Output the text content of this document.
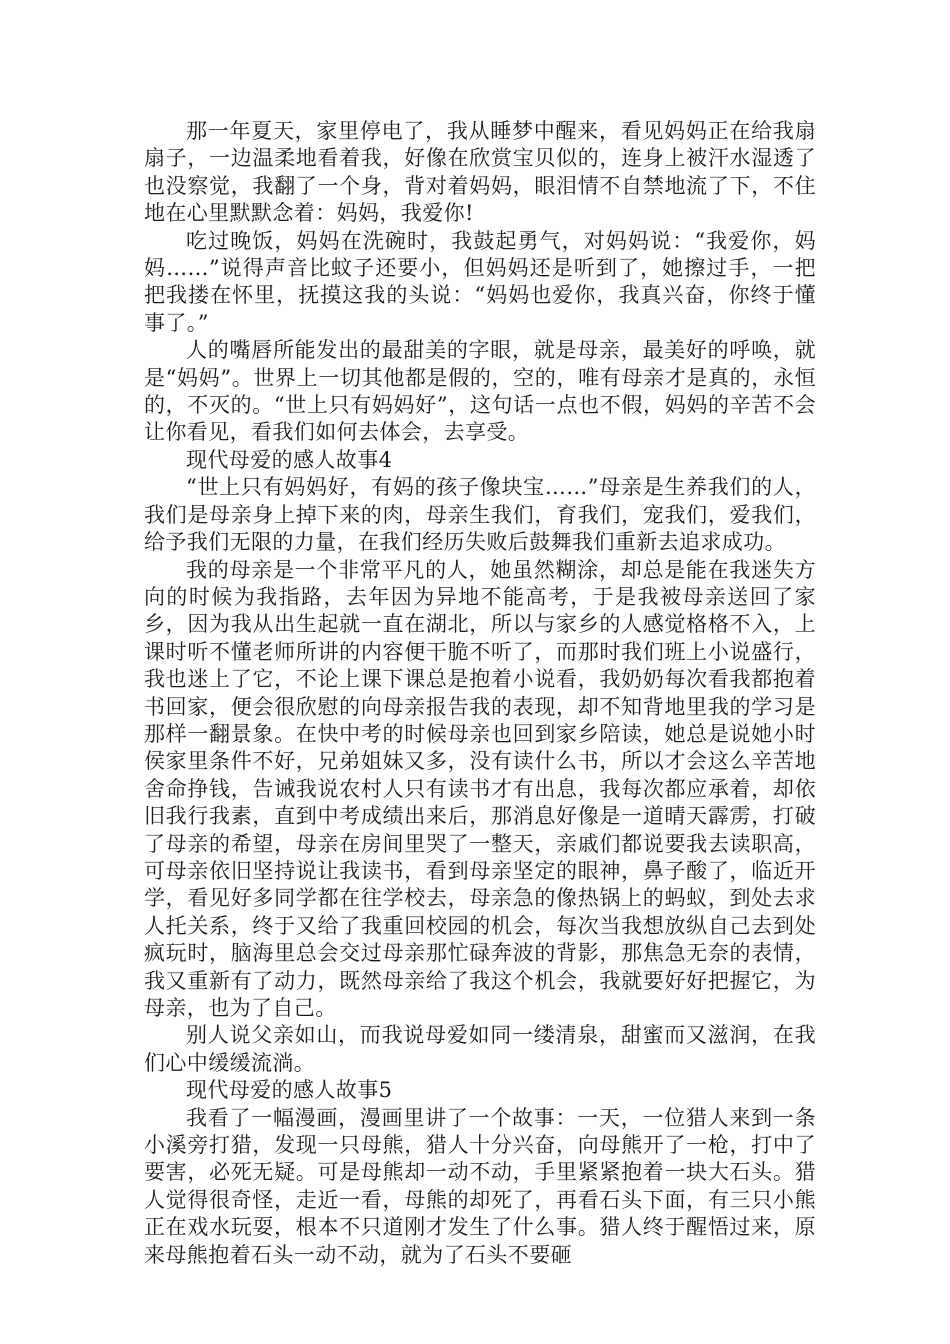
那一年夏天，家里停电了，我从睡梦中醒来，看见妈妈正在给我扇扇子，一边温柔地看着我，好像在欣赏宝贝似的，连身上被汗水湿透了也没察觉，我翻了一个身，背对着妈妈，眼泪情不自禁地流了下，不住地在心里默默念着：妈妈，我爱你!

吃过晚饭，妈妈在洗碗时，我鼓起勇气，对妈妈说：“我爱你，妈妈……”说得声音比蚊子还要小，但妈妈还是听到了，她擦过手，一把把我搂在怀里，抚摸这我的头说：“妈妈也爱你，我真兴奋，你终于懂事了。”

人的嘴唇所能发出的最甜美的字眼，就是母亲，最美好的呼唤，就是“妈妈”。世界上一切其他都是假的，空的，唯有母亲才是真的，永恒的，不灭的。“世上只有妈妈好”，这句话一点也不假，妈妈的辛苦不会让你看见，看我们如何去体会，去享受。

现代母爱的感人故事4

“世上只有妈妈好，有妈的孩子像块宝……”母亲是生养我们的人，我们是母亲身上掉下来的肉，母亲生我们，育我们，宠我们，爱我们，给予我们无限的力量，在我们经历失败后鼓舞我们重新去追求成功。

我的母亲是一个非常平凡的人，她虽然糊涂，却总是能在我迷失方向的时候为我指路，去年因为异地不能高考，于是我被母亲送回了家乡，因为我从出生起就一直在湖北，所以与家乡的人感觉格格不入，上课时听不懂老师所讲的内容便干脆不听了，而那时我们班上小说盛行，我也迷上了它，不论上课下课总是抱着小说看，我奶奶每次看我都抱着书回家，便会很欣慰的向母亲报告我的表现，却不知背地里我的学习是那样一翻景象。在快中考的时候母亲也回到家乡陪读，她总是说她小时侯家里条件不好，兄弟姐妹又多，没有读什么书，所以才会这么辛苦地舍命挣钱，告诫我说农村人只有读书才有出息，我每次都应承着，却依旧我行我素，直到中考成绩出来后，那消息好像是一道晴天霹雳，打破了母亲的希望，母亲在房间里哭了一整天，亲戚们都说要我去读职高，可母亲依旧坚持说让我读书，看到母亲坚定的眼神，鼻子酸了，临近开学，看见好多同学都在往学校去，母亲急的像热锅上的蚂蚁，到处去求人托关系，终于又给了我重回校园的机会，每次当我想放纵自己去到处疯玩时，脑海里总会交过母亲那忙碌奔波的背影，那焦急无奈的表情，我又重新有了动力，既然母亲给了我这个机会，我就要好好把握它，为母亲，也为了自己。

别人说父亲如山，而我说母爱如同一缕清泉，甜蜜而又滋润，在我们心中缓缓流淌。

现代母爱的感人故事5

我看了一幅漫画，漫画里讲了一个故事：一天，一位猎人来到一条小溪旁打猎，发现一只母熊，猎人十分兴奋，向母熊开了一枪，打中了要害，必死无疑。可是母熊却一动不动，手里紧紧抱着一块大石头。猎人觉得很奇怪，走近一看，母熊的却死了，再看石头下面，有三只小熊正在戏水玩耍，根本不只道刚才发生了什么事。猎人终于醒悟过来，原来母熊抱着石头一动不动，就为了石头不要砸
